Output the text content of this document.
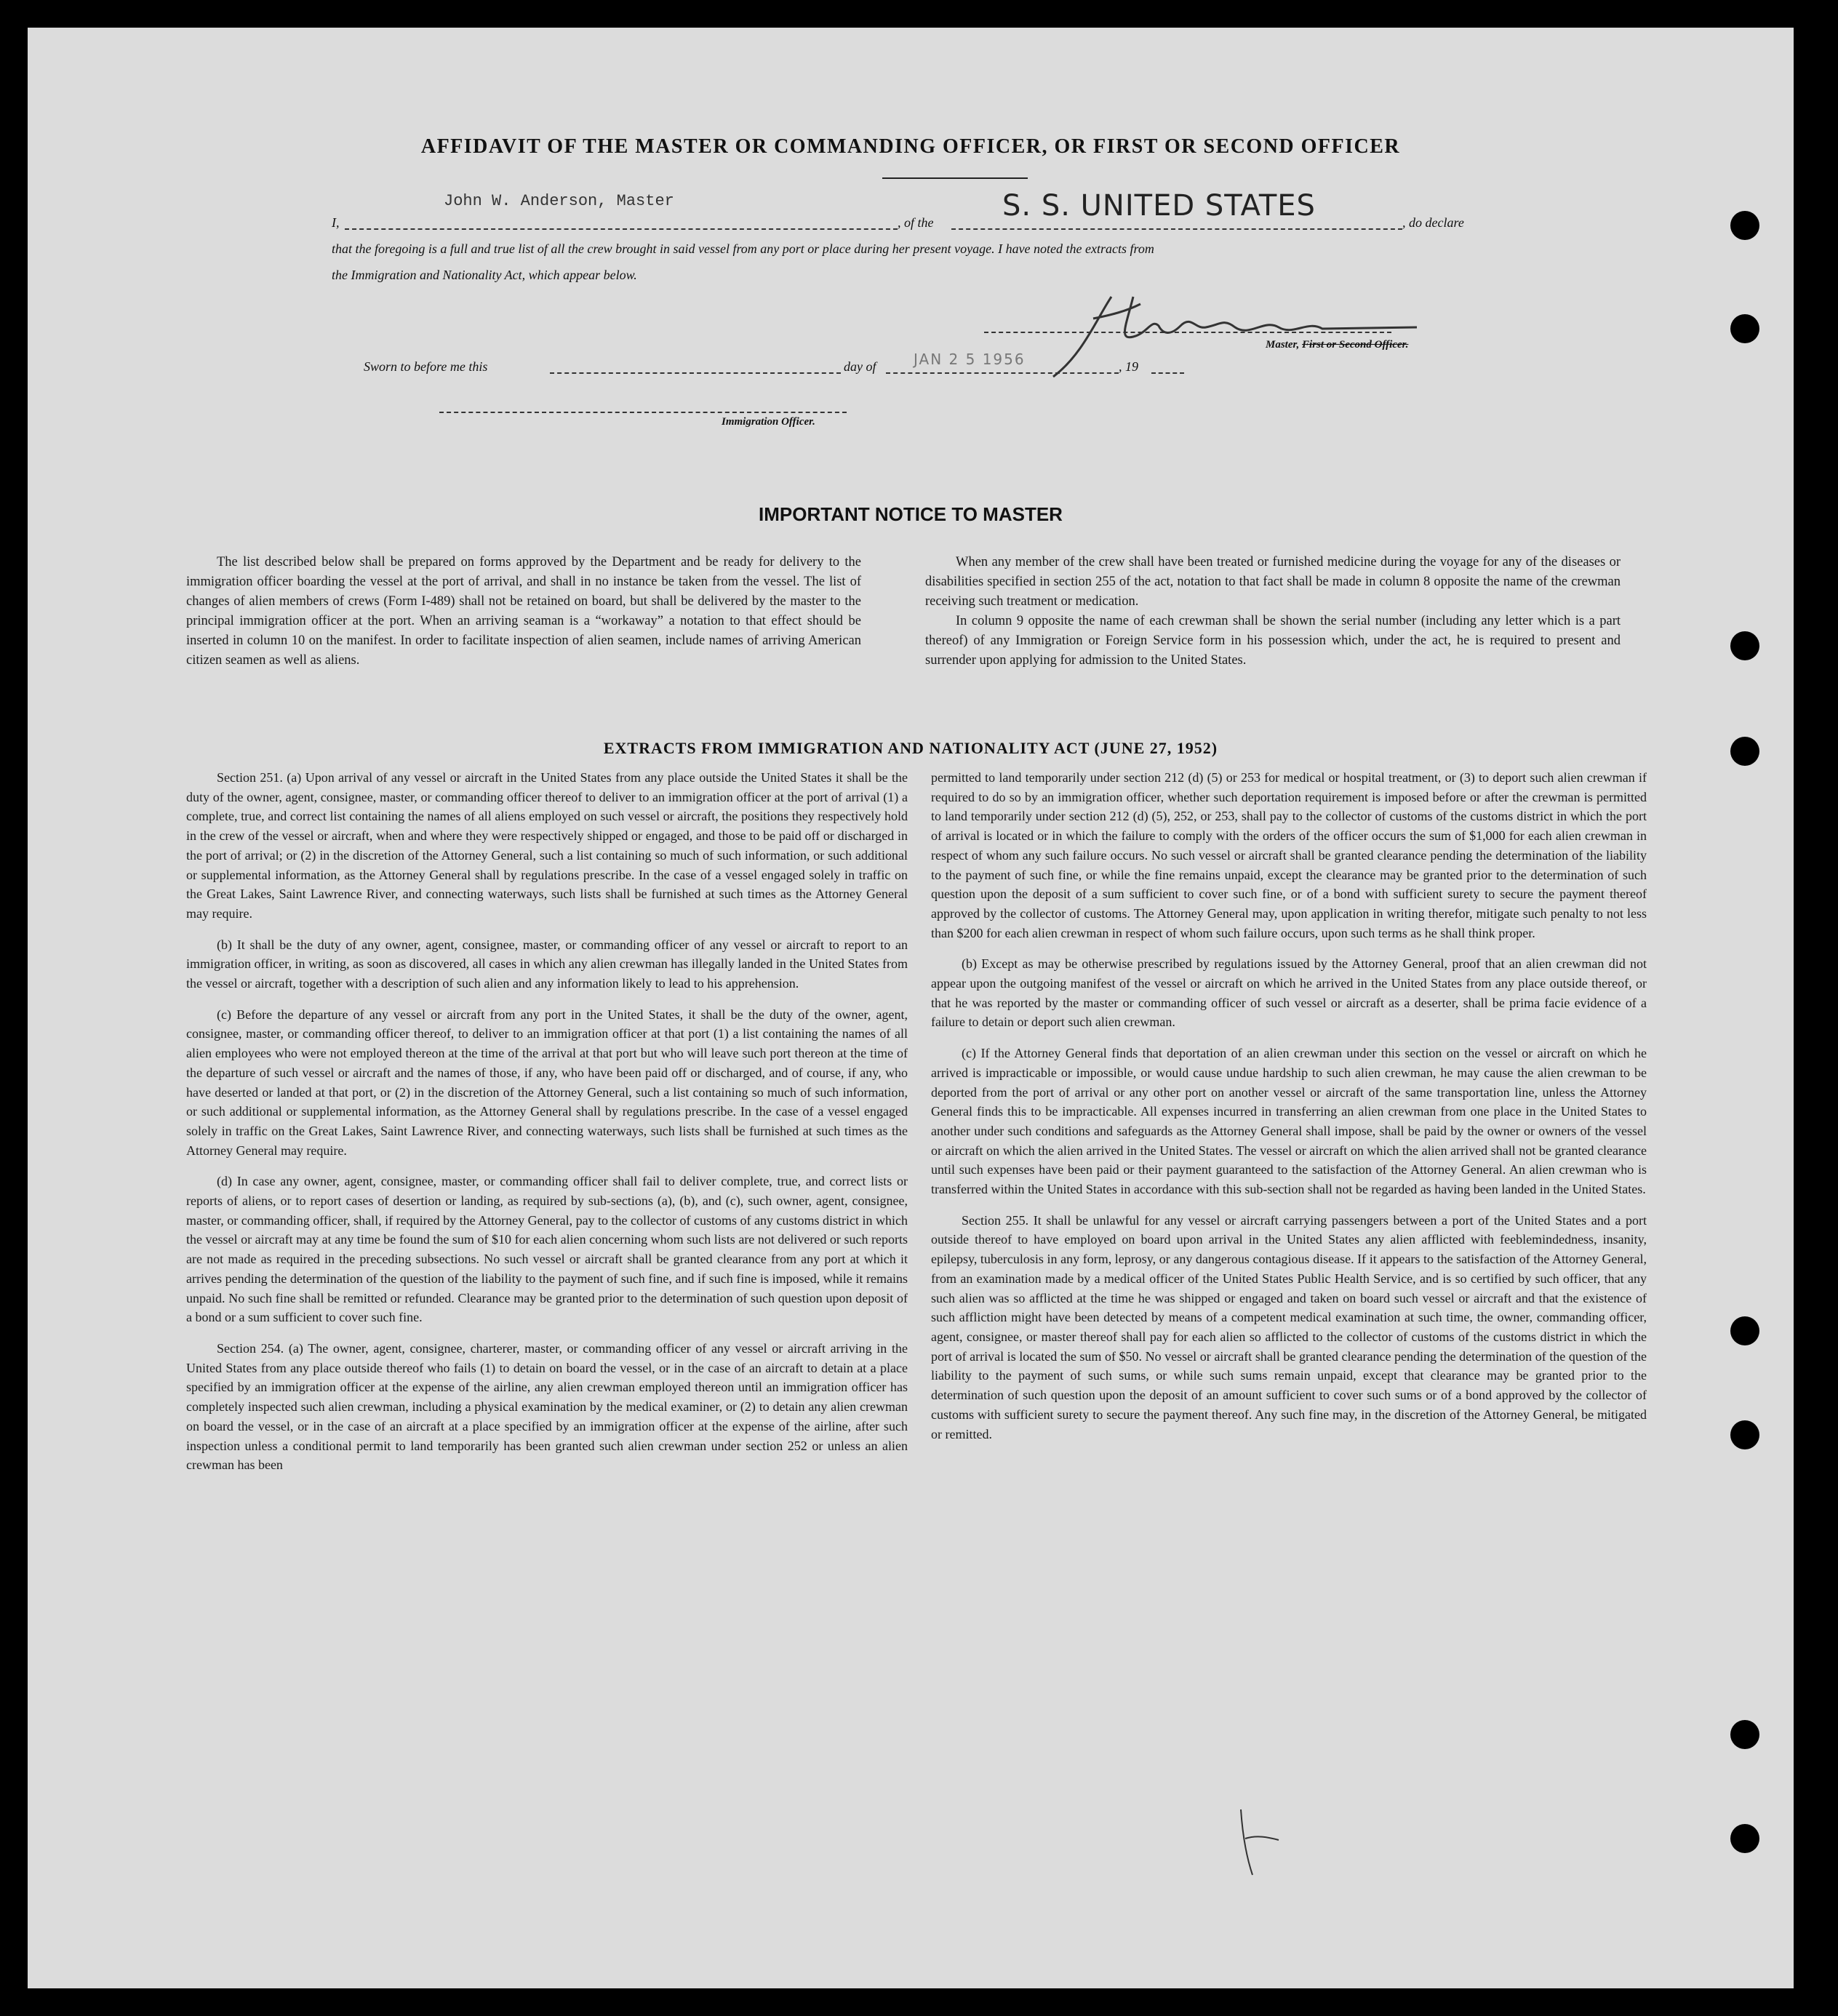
AFFIDAVIT OF THE MASTER OR COMMANDING OFFICER, OR FIRST OR SECOND OFFICER
I,
John W. Anderson, Master
, of the S. S. UNITED STATES	, do declare
that the foregoing is a full and true list of all the crew brought in said vessel from any port or place during her present voyage. I have noted the extracts from
the Immigration and Nationality Act, which appear below.
Master, First or Second Officer.
Sworn to before me this	day of	JAN 2 5 1956	, 19
Immigration Officer.
IMPORTANT NOTICE TO MASTER

The list described below shall be prepared on forms approved by the Department and be ready for delivery to the immigration officer boarding the vessel at the port of arrival, and shall in no instance be taken from the vessel. The list of changes of alien members of crews (Form I-489) shall not be retained on board, but shall be delivered by the master to the principal immigration officer at the port. When an arriving seaman is a “workaway” a notation to that effect should be inserted in column 10 on the manifest. In order to facilitate inspection of alien seamen, include names of arriving American citizen seamen as well as aliens.

When any member of the crew shall have been treated or furnished medicine during the voyage for any of the diseases or disabilities specified in section 255 of the act, notation to that fact shall be made in column 8 opposite the name of the crewman receiving such treatment or medication.

In column 9 opposite the name of each crewman shall be shown the serial number (including any letter which is a part thereof) of any Immigration or Foreign Service form in his possession which, under the act, he is required to present and surrender upon applying for admission to the United States.

EXTRACTS FROM IMMIGRATION AND NATIONALITY ACT (JUNE 27, 1952)

Section 251. (a) Upon arrival of any vessel or aircraft in the United States from any place outside the United States it shall be the duty of the owner, agent, consignee, master, or commanding officer thereof to deliver to an immigration officer at the port of arrival (1) a complete, true, and correct list containing the names of all aliens employed on such vessel or aircraft, the positions they respectively hold in the crew of the vessel or aircraft, when and where they were respectively shipped or engaged, and those to be paid off or discharged in the port of arrival; or (2) in the discretion of the Attorney General, such a list containing so much of such information, or such additional or supplemental information, as the Attorney General shall by regulations prescribe. In the case of a vessel engaged solely in traffic on the Great Lakes, Saint Lawrence River, and connecting waterways, such lists shall be furnished at such times as the Attorney General may require.

(b) It shall be the duty of any owner, agent, consignee, master, or commanding officer of any vessel or aircraft to report to an immigration officer, in writing, as soon as discovered, all cases in which any alien crewman has illegally landed in the United States from the vessel or aircraft, together with a description of such alien and any information likely to lead to his apprehension.

(c) Before the departure of any vessel or aircraft from any port in the United States, it shall be the duty of the owner, agent, consignee, master, or commanding officer thereof, to deliver to an immigration officer at that port (1) a list containing the names of all alien employees who were not employed thereon at the time of the arrival at that port but who will leave such port thereon at the time of the departure of such vessel or aircraft and the names of those, if any, who have been paid off or discharged, and of course, if any, who have deserted or landed at that port, or (2) in the discretion of the Attorney General, such a list containing so much of such information, or such additional or supplemental information, as the Attorney General shall by regulations prescribe. In the case of a vessel engaged solely in traffic on the Great Lakes, Saint Lawrence River, and connecting waterways, such lists shall be furnished at such times as the Attorney General may require.

(d) In case any owner, agent, consignee, master, or commanding officer shall fail to deliver complete, true, and correct lists or reports of aliens, or to report cases of desertion or landing, as required by sub-sections (a), (b), and (c), such owner, agent, consignee, master, or commanding officer, shall, if required by the Attorney General, pay to the collector of customs of any customs district in which the vessel or aircraft may at any time be found the sum of $10 for each alien concerning whom such lists are not delivered or such reports are not made as required in the preceding subsections. No such vessel or aircraft shall be granted clearance from any port at which it arrives pending the determination of the question of the liability to the payment of such fine, and if such fine is imposed, while it remains unpaid. No such fine shall be remitted or refunded. Clearance may be granted prior to the determination of such question upon deposit of a bond or a sum sufficient to cover such fine.

Section 254. (a) The owner, agent, consignee, charterer, master, or commanding officer of any vessel or aircraft arriving in the United States from any place outside thereof who fails (1) to detain on board the vessel, or in the case of an aircraft to detain at a place specified by an immigration officer at the expense of the airline, any alien crewman employed thereon until an immigration officer has completely inspected such alien crewman, including a physical examination by the medical examiner, or (2) to detain any alien crewman on board the vessel, or in the case of an aircraft at a place specified by an immigration officer at the expense of the airline, after such inspection unless a conditional permit to land temporarily has been granted such alien crewman under section 252 or unless an alien crewman has been

permitted to land temporarily under section 212 (d) (5) or 253 for medical or hospital treatment, or (3) to deport such alien crewman if required to do so by an immigration officer, whether such deportation requirement is imposed before or after the crewman is permitted to land temporarily under section 212 (d) (5), 252, or 253, shall pay to the collector of customs of the customs district in which the port of arrival is located or in which the failure to comply with the orders of the officer occurs the sum of $1,000 for each alien crewman in respect of whom any such failure occurs. No such vessel or aircraft shall be granted clearance pending the determination of the liability to the payment of such fine, or while the fine remains unpaid, except the clearance may be granted prior to the determination of such question upon the deposit of a sum sufficient to cover such fine, or of a bond with sufficient surety to secure the payment thereof approved by the collector of customs. The Attorney General may, upon application in writing therefor, mitigate such penalty to not less than $200 for each alien crewman in respect of whom such failure occurs, upon such terms as he shall think proper.

(b) Except as may be otherwise prescribed by regulations issued by the Attorney General, proof that an alien crewman did not appear upon the outgoing manifest of the vessel or aircraft on which he arrived in the United States from any place outside thereof, or that he was reported by the master or commanding officer of such vessel or aircraft as a deserter, shall be prima facie evidence of a failure to detain or deport such alien crewman.

(c) If the Attorney General finds that deportation of an alien crewman under this section on the vessel or aircraft on which he arrived is impracticable or impossible, or would cause undue hardship to such alien crewman, he may cause the alien crewman to be deported from the port of arrival or any other port on another vessel or aircraft of the same transportation line, unless the Attorney General finds this to be impracticable. All expenses incurred in transferring an alien crewman from one place in the United States to another under such conditions and safeguards as the Attorney General shall impose, shall be paid by the owner or owners of the vessel or aircraft on which the alien arrived in the United States. The vessel or aircraft on which the alien arrived shall not be granted clearance until such expenses have been paid or their payment guaranteed to the satisfaction of the Attorney General. An alien crewman who is transferred within the United States in accordance with this sub-section shall not be regarded as having been landed in the United States.

Section 255. It shall be unlawful for any vessel or aircraft carrying passengers between a port of the United States and a port outside thereof to have employed on board upon arrival in the United States any alien afflicted with feeblemindedness, insanity, epilepsy, tuberculosis in any form, leprosy, or any dangerous contagious disease. If it appears to the satisfaction of the Attorney General, from an examination made by a medical officer of the United States Public Health Service, and is so certified by such officer, that any such alien was so afflicted at the time he was shipped or engaged and taken on board such vessel or aircraft and that the existence of such affliction might have been detected by means of a competent medical examination at such time, the owner, commanding officer, agent, consignee, or master thereof shall pay for each alien so afflicted to the collector of customs of the customs district in which the port of arrival is located the sum of $50. No vessel or aircraft shall be granted clearance pending the determination of the question of the liability to the payment of such sums, or while such sums remain unpaid, except that clearance may be granted prior to the determination of such question upon the deposit of an amount sufficient to cover such sums or of a bond approved by the collector of customs with sufficient surety to secure the payment thereof. Any such fine may, in the discretion of the Attorney General, be mitigated or remitted.
